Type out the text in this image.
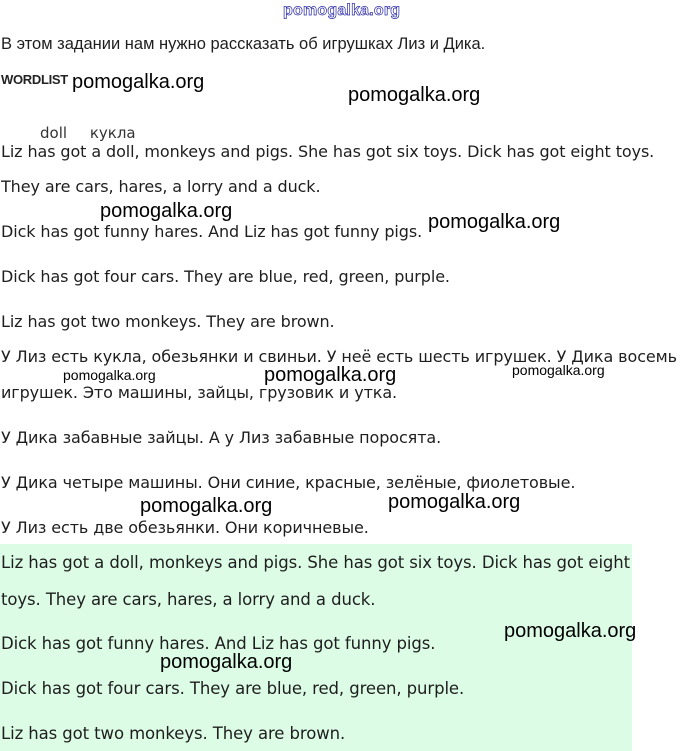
В этом задании нам нужно рассказать об игрушках Лиз и Дика.
WORDLIST
doll кукла
Liz has got a doll, monkeys and pigs. She has got six toys. Dick has got eight toys.
They are cars, hares, a lorry and a duck.
Dick has got funny hares. And Liz has got funny pigs.
Dick has got four cars. They are blue, red, green, purple.
Liz has got two monkeys. They are brown.
У Лиз есть кукла, обезьянки и свиньи. У неё есть шесть игрушек. У Дика восемь
игрушек. Это машины, зайцы, грузовик и утка.
У Дика забавные зайцы. А у Лиз забавные поросята.
У Дика четыре машины. Они синие, красные, зелёные, фиолетовые.
У Лиз есть две обезьянки. Они коричневые.
Liz has got a doll, monkeys and pigs. She has got six toys. Dick has got eight
toys. They are cars, hares, a lorry and a duck.
Dick has got funny hares. And Liz has got funny pigs.
Dick has got four cars. They are blue, red, green, purple.
Liz has got two monkeys. They are brown.
pomogalka.org
pomogalka.org
pomogalka.org
pomogalka.org	pomogalka.org
pomogalka.org	pomogalka.org	pomogalka.org
pomogalka.org	pomogalka.org
pomogalka.org
pomogalka.org
